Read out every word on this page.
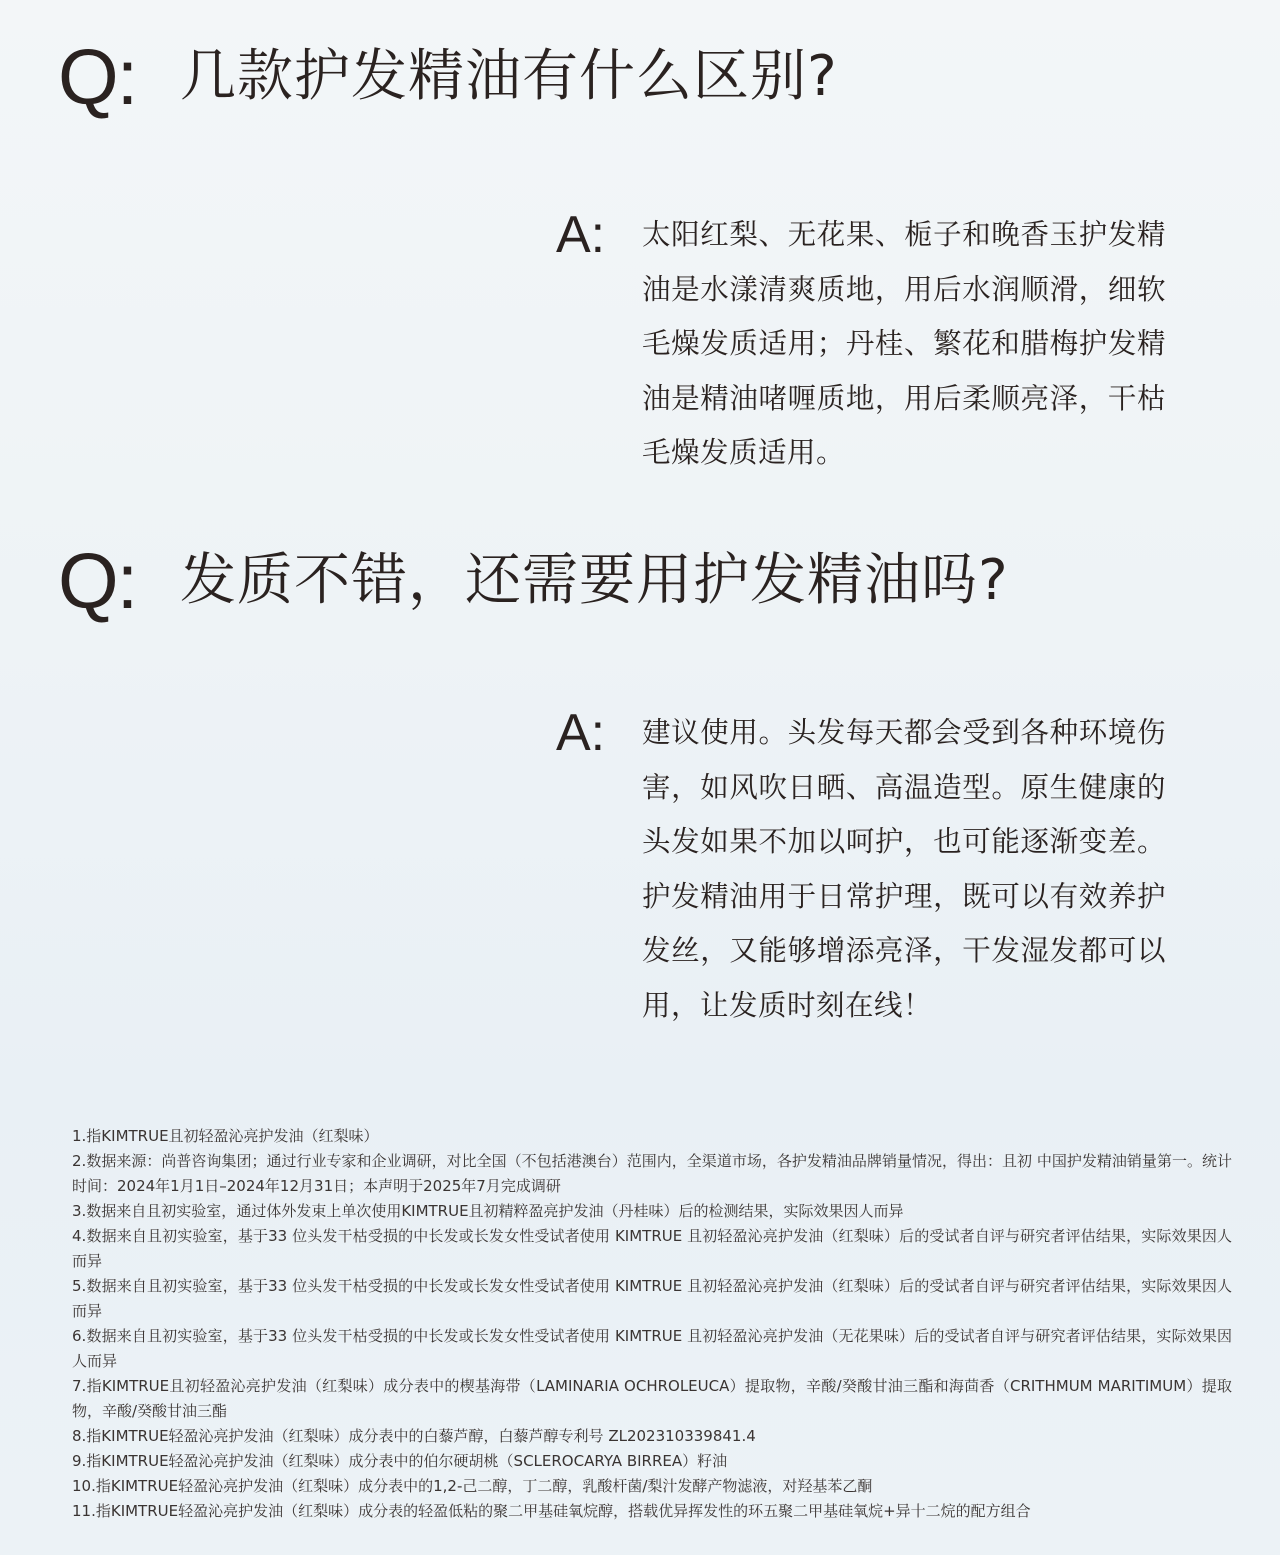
Q: 几款护发精油有什么区别?
A:	太阳红梨、无花果、栀子和晚香玉护发精油是水漾清爽质地，用后水润顺滑，细软毛燥发质适用；丹桂、繁花和腊梅护发精油是精油啫喱质地，用后柔顺亮泽，干枯毛燥发质适用。
Q: 发质不错，还需要用护发精油吗?
A:	建议使用。头发每天都会受到各种环境伤害，如风吹日晒、高温造型。原生健康的头发如果不加以呵护，也可能逐渐变差。护发精油用于日常护理，既可以有效养护发丝，又能够增添亮泽，干发湿发都可以用，让发质时刻在线！

1.指KIMTRUE且初轻盈沁亮护发油（红梨味）

2.数据来源：尚普咨询集团；通过行业专家和企业调研，对比全国（不包括港澳台）范围内，全渠道市场，各护发精油品牌销量情况，得出：且初 中国护发精油销量第一。统计时间：2024年1月1日–2024年12月31日；本声明于2025年7月完成调研

3.数据来自且初实验室，通过体外发束上单次使用KIMTRUE且初精粹盈亮护发油（丹桂味）后的检测结果，实际效果因人而异

4.数据来自且初实验室，基于33 位头发干枯受损的中长发或长发女性受试者使用 KIMTRUE 且初轻盈沁亮护发油（红梨味）后的受试者自评与研究者评估结果，实际效果因人而异

5.数据来自且初实验室，基于33 位头发干枯受损的中长发或长发女性受试者使用 KIMTRUE 且初轻盈沁亮护发油（红梨味）后的受试者自评与研究者评估结果，实际效果因人而异

6.数据来自且初实验室，基于33 位头发干枯受损的中长发或长发女性受试者使用 KIMTRUE 且初轻盈沁亮护发油（无花果味）后的受试者自评与研究者评估结果，实际效果因人而异

7.指KIMTRUE且初轻盈沁亮护发油（红梨味）成分表中的楔基海带（LAMINARIA OCHROLEUCA）提取物，辛酸/癸酸甘油三酯和海茴香（CRITHMUM MARITIMUM）提取物，辛酸/癸酸甘油三酯

8.指KIMTRUE轻盈沁亮护发油（红梨味）成分表中的白藜芦醇，白藜芦醇专利号 ZL202310339841.4

9.指KIMTRUE轻盈沁亮护发油（红梨味）成分表中的伯尔硬胡桃（SCLEROCARYA BIRREA）籽油

10.指KIMTRUE轻盈沁亮护发油（红梨味）成分表中的1,2-己二醇，丁二醇，乳酸杆菌/梨汁发酵产物滤液，对羟基苯乙酮

11.指KIMTRUE轻盈沁亮护发油（红梨味）成分表的轻盈低粘的聚二甲基硅氧烷醇，搭载优异挥发性的环五聚二甲基硅氧烷+异十二烷的配方组合
